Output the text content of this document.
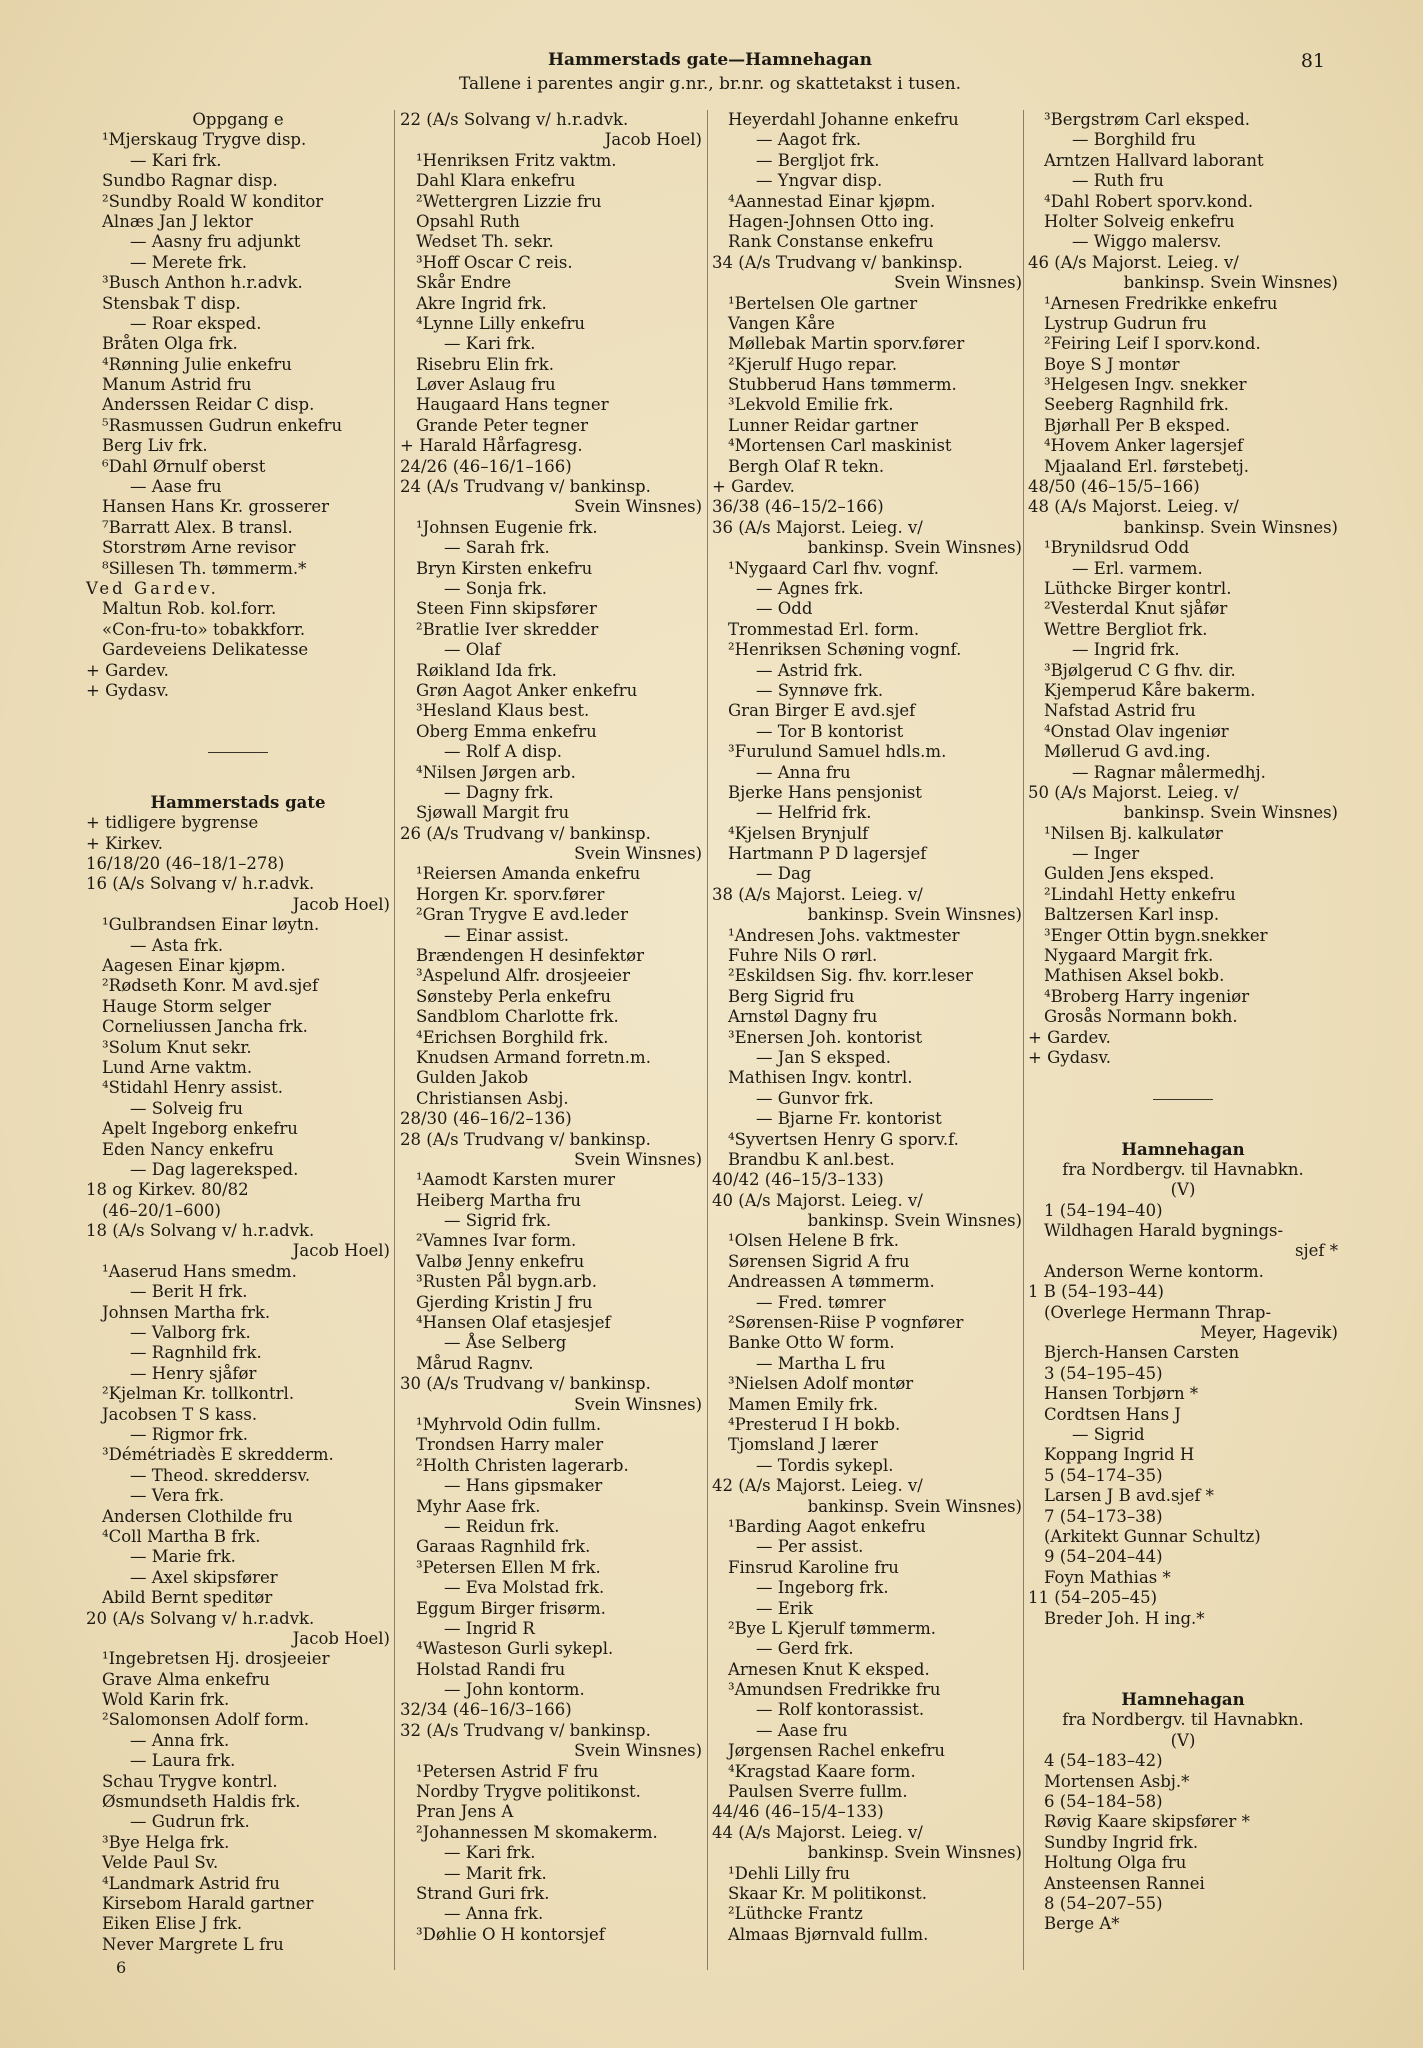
Hammerstads gate—Hamnehagan
Tallene i parentes angir g.nr., br.nr. og skattetakst i tusen.
81
Oppgang e
¹Mjerskaug Trygve disp.
— Kari frk.
Sundbo Ragnar disp.
²Sundby Roald W konditor
Alnæs Jan J lektor
— Aasny fru adjunkt
— Merete frk.
³Busch Anthon h.r.advk.
Stensbak T disp.
— Roar eksped.
Bråten Olga frk.
⁴Rønning Julie enkefru
Manum Astrid fru
Anderssen Reidar C disp.
⁵Rasmussen Gudrun enkefru
Berg Liv frk.
⁶Dahl Ørnulf oberst
— Aase fru
Hansen Hans Kr. grosserer
⁷Barratt Alex. B transl.
Storstrøm Arne revisor
⁸Sillesen Th. tømmerm.*
Ved Gardev.
Maltun Rob. kol.forr.
«Con-fru-to» tobakkforr.
Gardeveiens Delikatesse
+ Gardev.
+ Gydasv.
Hammerstads gate
+ tidligere bygrense
+ Kirkev.
16/18/20 (46–18/1–278)
16 (A/s Solvang v/ h.r.advk.
Jacob Hoel)
¹Gulbrandsen Einar løytn.
— Asta frk.
Aagesen Einar kjøpm.
²Rødseth Konr. M avd.sjef
Hauge Storm selger
Corneliussen Jancha frk.
³Solum Knut sekr.
Lund Arne vaktm.
⁴Stidahl Henry assist.
— Solveig fru
Apelt Ingeborg enkefru
Eden Nancy enkefru
— Dag lagereksped.
18 og Kirkev. 80/82
(46–20/1–600)
18 (A/s Solvang v/ h.r.advk.
Jacob Hoel)
¹Aaserud Hans smedm.
— Berit H frk.
Johnsen Martha frk.
— Valborg frk.
— Ragnhild frk.
— Henry sjåfør
²Kjelman Kr. tollkontrl.
Jacobsen T S kass.
— Rigmor frk.
³Démétriadès E skredderm.
— Theod. skreddersv.
— Vera frk.
Andersen Clothilde fru
⁴Coll Martha B frk.
— Marie frk.
— Axel skipsfører
Abild Bernt speditør
20 (A/s Solvang v/ h.r.advk.
Jacob Hoel)
¹Ingebretsen Hj. drosjeeier
Grave Alma enkefru
Wold Karin frk.
²Salomonsen Adolf form.
— Anna frk.
— Laura frk.
Schau Trygve kontrl.
Øsmundseth Haldis frk.
— Gudrun frk.
³Bye Helga frk.
Velde Paul Sv.
⁴Landmark Astrid fru
Kirsebom Harald gartner
Eiken Elise J frk.
Never Margrete L fru
22 (A/s Solvang v/ h.r.advk.
Jacob Hoel)
¹Henriksen Fritz vaktm.
Dahl Klara enkefru
²Wettergren Lizzie fru
Opsahl Ruth
Wedset Th. sekr.
³Hoff Oscar C reis.
Skår Endre
Akre Ingrid frk.
⁴Lynne Lilly enkefru
— Kari frk.
Risebru Elin frk.
Løver Aslaug fru
Haugaard Hans tegner
Grande Peter tegner
+ Harald Hårfagresg.
24/26 (46–16/1–166)
24 (A/s Trudvang v/ bankinsp.
Svein Winsnes)
¹Johnsen Eugenie frk.
— Sarah frk.
Bryn Kirsten enkefru
— Sonja frk.
Steen Finn skipsfører
²Bratlie Iver skredder
— Olaf
Røikland Ida frk.
Grøn Aagot Anker enkefru
³Hesland Klaus best.
Oberg Emma enkefru
— Rolf A disp.
⁴Nilsen Jørgen arb.
— Dagny frk.
Sjøwall Margit fru
26 (A/s Trudvang v/ bankinsp.
Svein Winsnes)
¹Reiersen Amanda enkefru
Horgen Kr. sporv.fører
²Gran Trygve E avd.leder
— Einar assist.
Brændengen H desinfektør
³Aspelund Alfr. drosjeeier
Sønsteby Perla enkefru
Sandblom Charlotte frk.
⁴Erichsen Borghild frk.
Knudsen Armand forretn.m.
Gulden Jakob
Christiansen Asbj.
28/30 (46–16/2–136)
28 (A/s Trudvang v/ bankinsp.
Svein Winsnes)
¹Aamodt Karsten murer
Heiberg Martha fru
— Sigrid frk.
²Vamnes Ivar form.
Valbø Jenny enkefru
³Rusten Pål bygn.arb.
Gjerding Kristin J fru
⁴Hansen Olaf etasjesjef
— Åse Selberg
Mårud Ragnv.
30 (A/s Trudvang v/ bankinsp.
Svein Winsnes)
¹Myhrvold Odin fullm.
Trondsen Harry maler
²Holth Christen lagerarb.
— Hans gipsmaker
Myhr Aase frk.
— Reidun frk.
Garaas Ragnhild frk.
³Petersen Ellen M frk.
— Eva Molstad frk.
Eggum Birger frisørm.
— Ingrid R
⁴Wasteson Gurli sykepl.
Holstad Randi fru
— John kontorm.
32/34 (46–16/3–166)
32 (A/s Trudvang v/ bankinsp.
Svein Winsnes)
¹Petersen Astrid F fru
Nordby Trygve politikonst.
Pran Jens A
²Johannessen M skomakerm.
— Kari frk.
— Marit frk.
Strand Guri frk.
— Anna frk.
³Døhlie O H kontorsjef
Heyerdahl Johanne enkefru
— Aagot frk.
— Bergljot frk.
— Yngvar disp.
⁴Aannestad Einar kjøpm.
Hagen-Johnsen Otto ing.
Rank Constanse enkefru
34 (A/s Trudvang v/ bankinsp.
Svein Winsnes)
¹Bertelsen Ole gartner
Vangen Kåre
Møllebak Martin sporv.fører
²Kjerulf Hugo repar.
Stubberud Hans tømmerm.
³Lekvold Emilie frk.
Lunner Reidar gartner
⁴Mortensen Carl maskinist
Bergh Olaf R tekn.
+ Gardev.
36/38 (46–15/2–166)
36 (A/s Majorst. Leieg. v/
bankinsp. Svein Winsnes)
¹Nygaard Carl fhv. vognf.
— Agnes frk.
— Odd
Trommestad Erl. form.
²Henriksen Schøning vognf.
— Astrid frk.
— Synnøve frk.
Gran Birger E avd.sjef
— Tor B kontorist
³Furulund Samuel hdls.m.
— Anna fru
Bjerke Hans pensjonist
— Helfrid frk.
⁴Kjelsen Brynjulf
Hartmann P D lagersjef
— Dag
38 (A/s Majorst. Leieg. v/
bankinsp. Svein Winsnes)
¹Andresen Johs. vaktmester
Fuhre Nils O rørl.
²Eskildsen Sig. fhv. korr.leser
Berg Sigrid fru
Arnstøl Dagny fru
³Enersen Joh. kontorist
— Jan S eksped.
Mathisen Ingv. kontrl.
— Gunvor frk.
— Bjarne Fr. kontorist
⁴Syvertsen Henry G sporv.f.
Brandbu K anl.best.
40/42 (46–15/3–133)
40 (A/s Majorst. Leieg. v/
bankinsp. Svein Winsnes)
¹Olsen Helene B frk.
Sørensen Sigrid A fru
Andreassen A tømmerm.
— Fred. tømrer
²Sørensen-Riise P vognfører
Banke Otto W form.
— Martha L fru
³Nielsen Adolf montør
Mamen Emily frk.
⁴Presterud I H bokb.
Tjomsland J lærer
— Tordis sykepl.
42 (A/s Majorst. Leieg. v/
bankinsp. Svein Winsnes)
¹Barding Aagot enkefru
— Per assist.
Finsrud Karoline fru
— Ingeborg frk.
— Erik
²Bye L Kjerulf tømmerm.
— Gerd frk.
Arnesen Knut K eksped.
³Amundsen Fredrikke fru
— Rolf kontorassist.
— Aase fru
Jørgensen Rachel enkefru
⁴Kragstad Kaare form.
Paulsen Sverre fullm.
44/46 (46–15/4–133)
44 (A/s Majorst. Leieg. v/
bankinsp. Svein Winsnes)
¹Dehli Lilly fru
Skaar Kr. M politikonst.
²Lüthcke Frantz
Almaas Bjørnvald fullm.
³Bergstrøm Carl eksped.
— Borghild fru
Arntzen Hallvard laborant
— Ruth fru
⁴Dahl Robert sporv.kond.
Holter Solveig enkefru
— Wiggo malersv.
46 (A/s Majorst. Leieg. v/
bankinsp. Svein Winsnes)
¹Arnesen Fredrikke enkefru
Lystrup Gudrun fru
²Feiring Leif I sporv.kond.
Boye S J montør
³Helgesen Ingv. snekker
Seeberg Ragnhild frk.
Bjørhall Per B eksped.
⁴Hovem Anker lagersjef
Mjaaland Erl. førstebetj.
48/50 (46–15/5–166)
48 (A/s Majorst. Leieg. v/
bankinsp. Svein Winsnes)
¹Brynildsrud Odd
— Erl. varmem.
Lüthcke Birger kontrl.
²Vesterdal Knut sjåfør
Wettre Bergliot frk.
— Ingrid frk.
³Bjølgerud C G fhv. dir.
Kjemperud Kåre bakerm.
Nafstad Astrid fru
⁴Onstad Olav ingeniør
Møllerud G avd.ing.
— Ragnar målermedhj.
50 (A/s Majorst. Leieg. v/
bankinsp. Svein Winsnes)
¹Nilsen Bj. kalkulatør
— Inger
Gulden Jens eksped.
²Lindahl Hetty enkefru
Baltzersen Karl insp.
³Enger Ottin bygn.snekker
Nygaard Margit frk.
Mathisen Aksel bokb.
⁴Broberg Harry ingeniør
Grosås Normann bokh.
+ Gardev.
+ Gydasv.
Hamnehagan
fra Nordbergv. til Havnabkn.
(V)
1 (54–194–40)
Wildhagen Harald bygnings-
sjef *
Anderson Werne kontorm.
1 B (54–193–44)
(Overlege Hermann Thrap-
Meyer, Hagevik)
Bjerch-Hansen Carsten
3 (54–195–45)
Hansen Torbjørn *
Cordtsen Hans J
— Sigrid
Koppang Ingrid H
5 (54–174–35)
Larsen J B avd.sjef *
7 (54–173–38)
(Arkitekt Gunnar Schultz)
9 (54–204–44)
Foyn Mathias *
11 (54–205–45)
Breder Joh. H ing.*
Hamnehagan
fra Nordbergv. til Havnabkn.
(V)
4 (54–183–42)
Mortensen Asbj.*
6 (54–184–58)
Røvig Kaare skipsfører *
Sundby Ingrid frk.
Holtung Olga fru
Ansteensen Rannei
8 (54–207–55)
Berge A*
6
